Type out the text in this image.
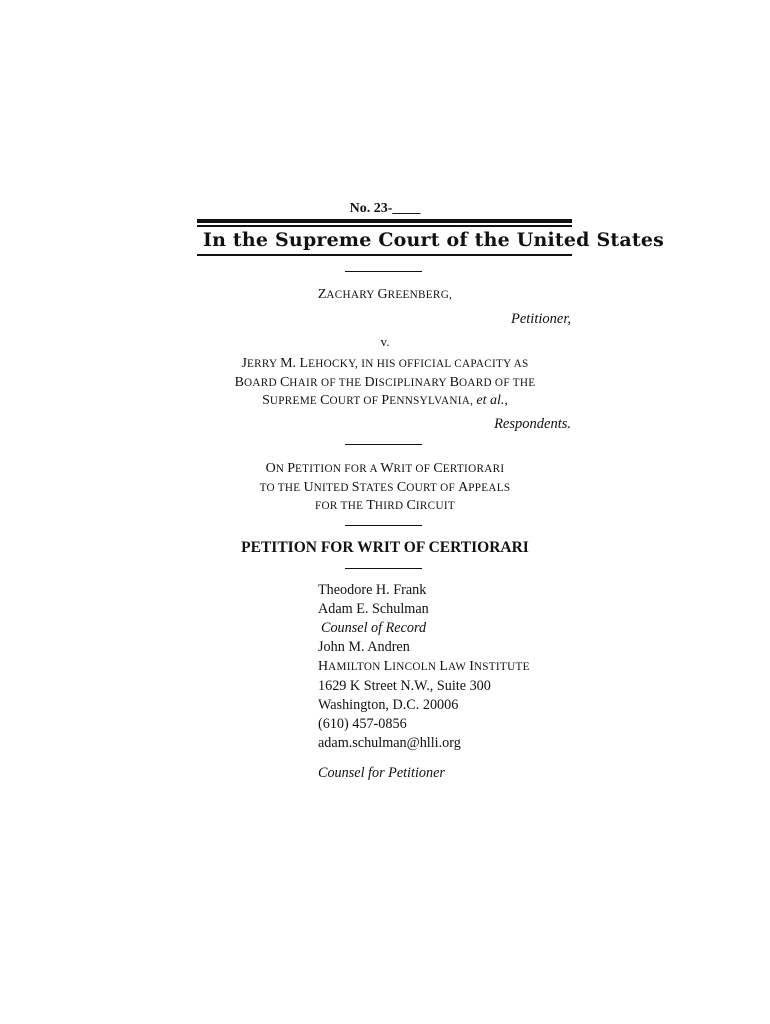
No. 23-____
In the Supreme Court of the United States
ZACHARY GREENBERG,
Petitioner,
v.
JERRY M. LEHOCKY, IN HIS OFFICIAL CAPACITY AS
BOARD CHAIR OF THE DISCIPLINARY BOARD OF THE
SUPREME COURT OF PENNSYLVANIA, et al.,
Respondents.
ON PETITION FOR A WRIT OF CERTIORARI
TO THE UNITED STATES COURT OF APPEALS
FOR THE THIRD CIRCUIT
PETITION FOR WRIT OF CERTIORARI
Theodore H. Frank
Adam E. Schulman
Counsel of Record
John M. Andren
HAMILTON LINCOLN LAW INSTITUTE
1629 K Street N.W., Suite 300
Washington, D.C. 20006
(610) 457-0856
adam.schulman@hlli.org
Counsel for Petitioner
